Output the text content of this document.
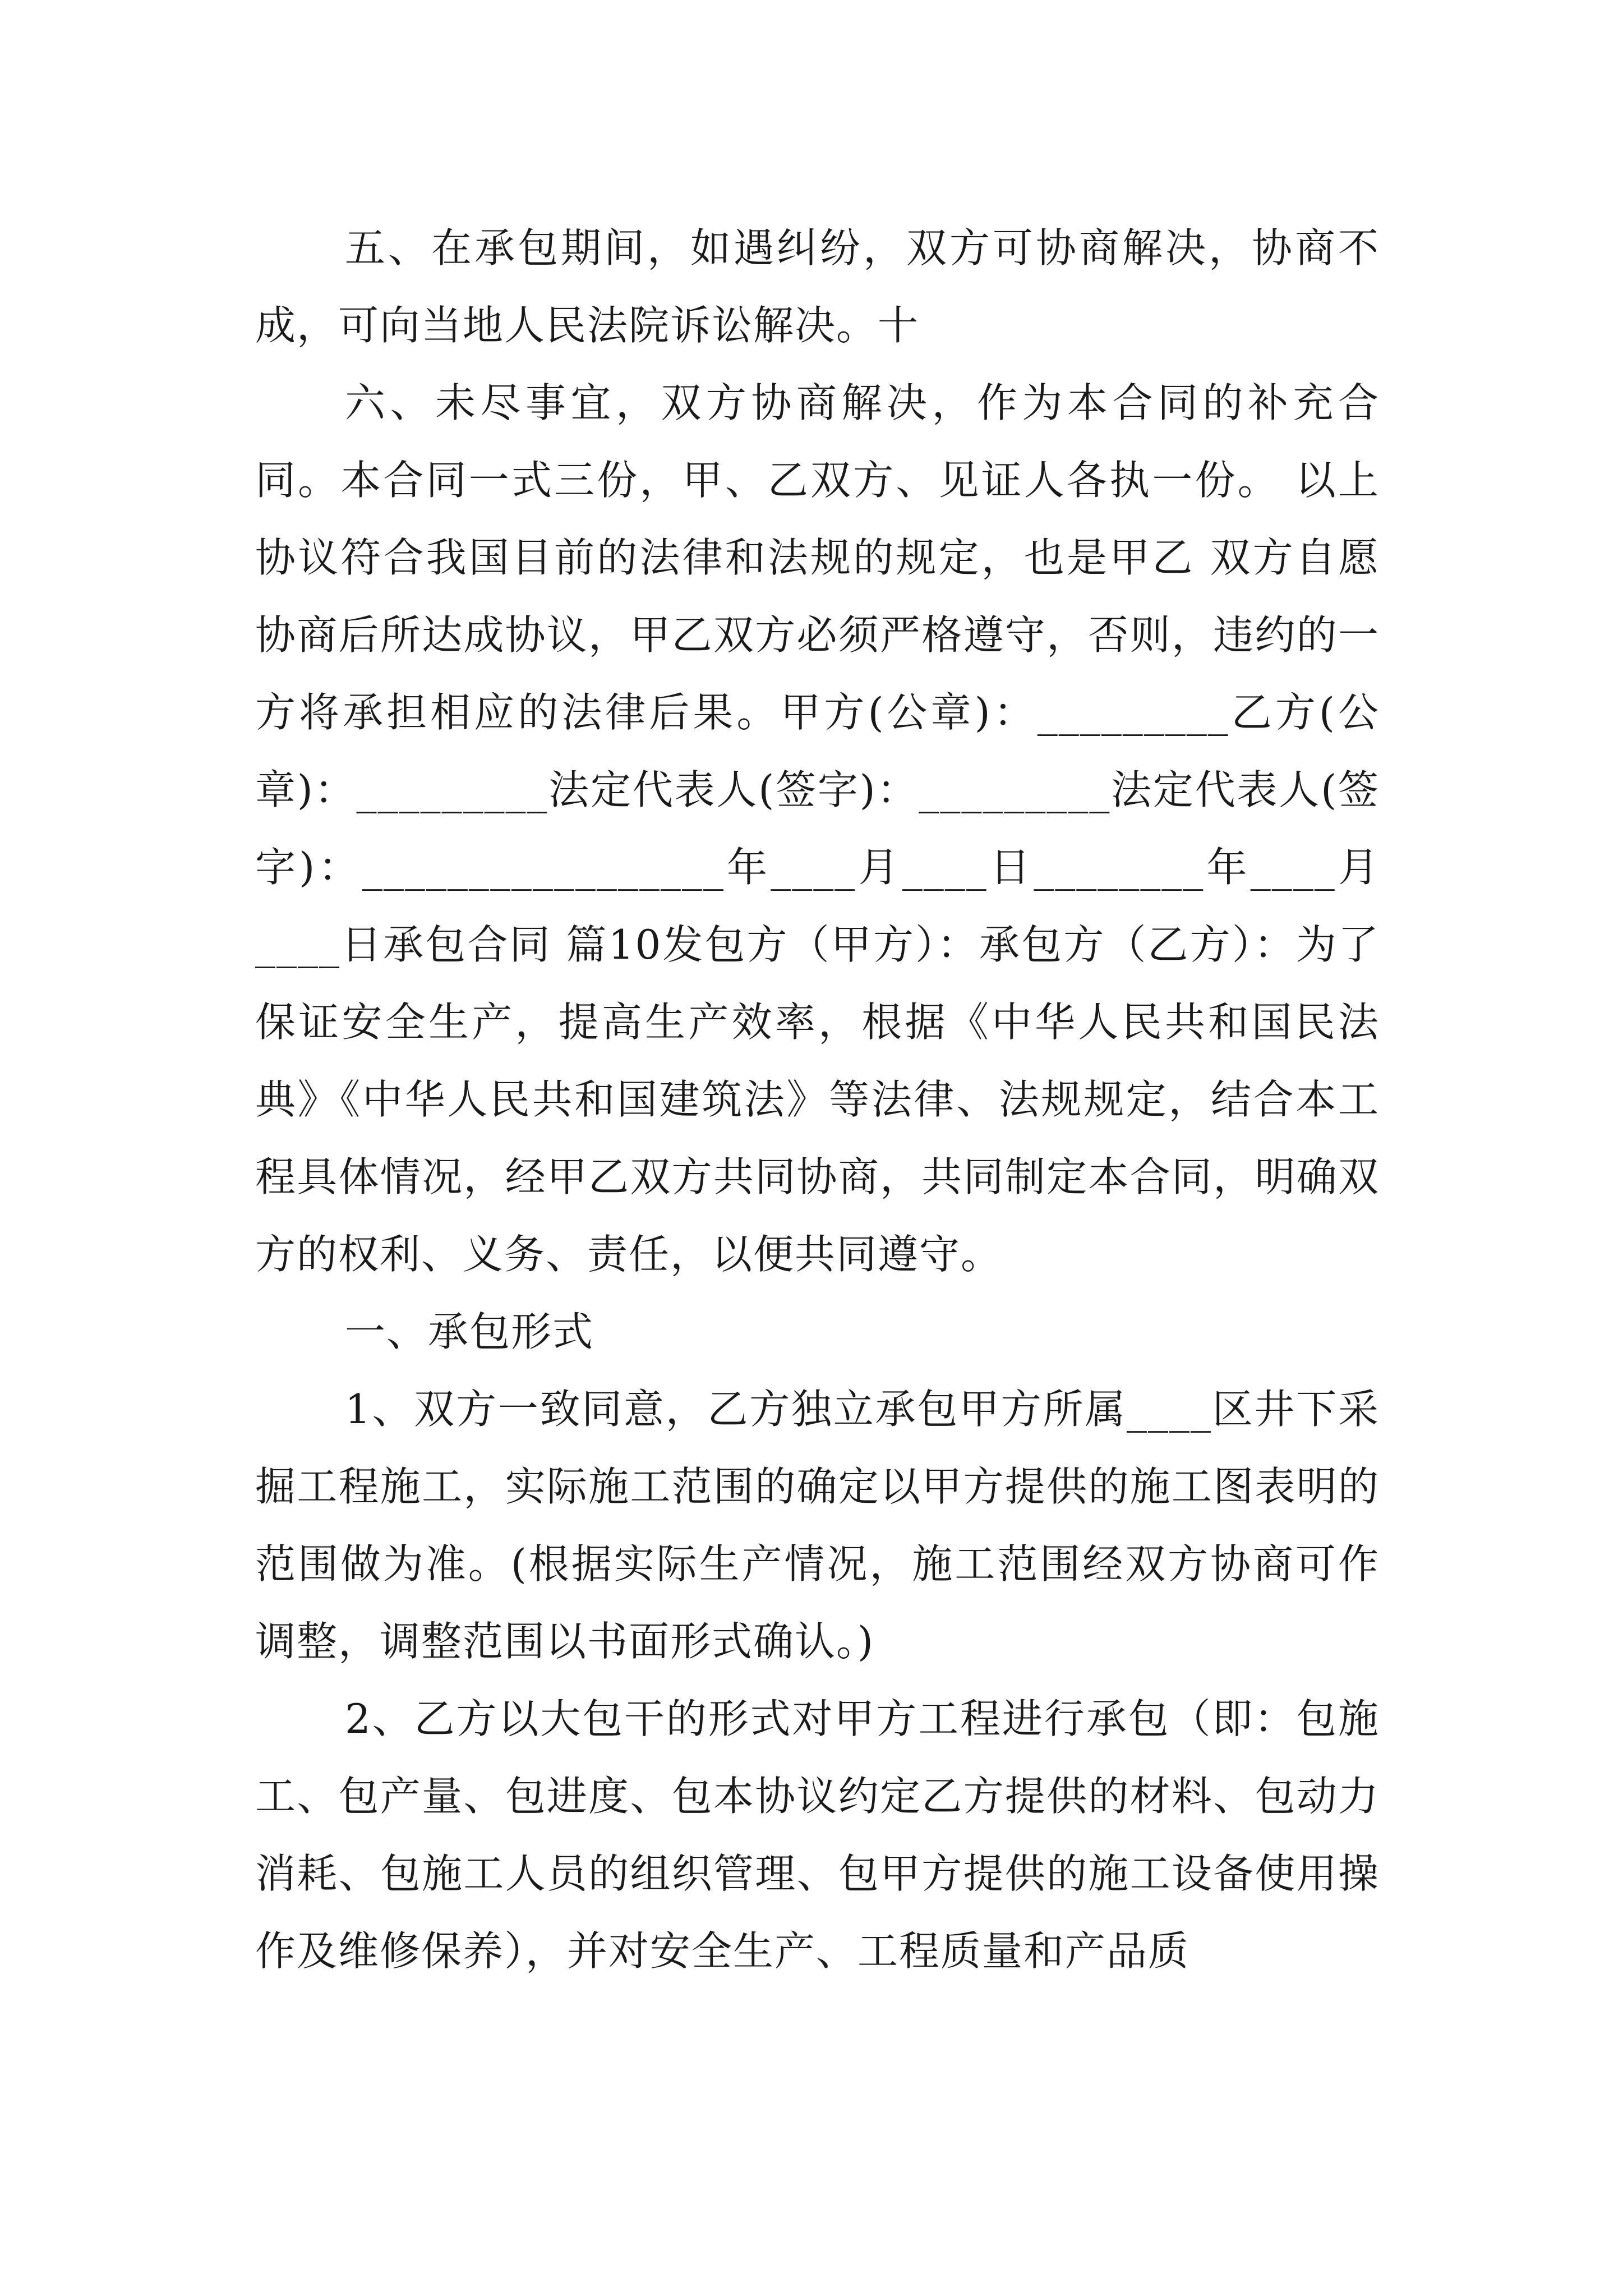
五、在承包期间，如遇纠纷，双方可协商解决，协商不成，可向当地人民法院诉讼解决。十

六、未尽事宜，双方协商解决，作为本合同的补充合同。本合同一式三份，甲、乙双方、见证人各执一份。 以上协议符合我国目前的法律和法规的规定，也是甲乙 双方自愿协商后所达成协议，甲乙双方必须严格遵守，否则，违约的一方将承担相应的法律后果。甲方(公章)：_________乙方(公章)：_________法定代表人(签字)：_________法定代表人(签字)：_________________年____月____日________年____月____日承包合同 篇10发包方（甲方）：承包方（乙方）：为了保证安全生产，提高生产效率，根据《中华人民共和国民法典》《中华人民共和国建筑法》等法律、法规规定，结合本工程具体情况，经甲乙双方共同协商，共同制定本合同，明确双方的权利、义务、责任，以便共同遵守。

一、承包形式

1、双方一致同意，乙方独立承包甲方所属____区井下采掘工程施工，实际施工范围的确定以甲方提供的施工图表明的范围做为准。(根据实际生产情况，施工范围经双方协商可作调整，调整范围以书面形式确认。)

2、乙方以大包干的形式对甲方工程进行承包（即：包施工、包产量、包进度、包本协议约定乙方提供的材料、包动力消耗、包施工人员的组织管理、包甲方提供的施工设备使用操作及维修保养），并对安全生产、工程质量和产品质
